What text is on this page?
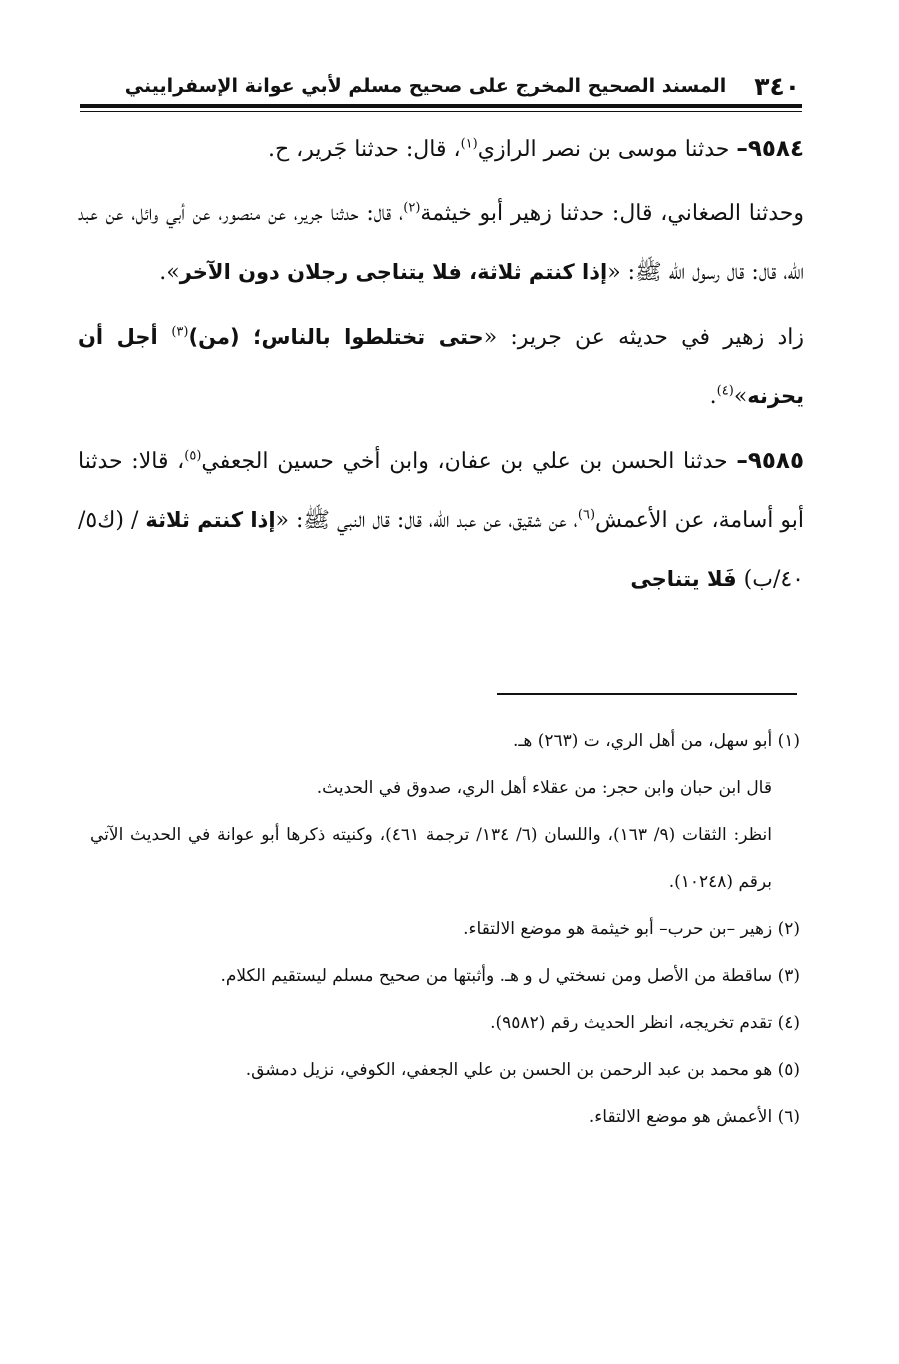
٣٤٠
المسند الصحيح المخرج على صحيح مسلم لأبي عوانة الإسفراييني

٩٥٨٤– حدثنا موسى بن نصر الرازي$^{(١)}$، قال: حدثنا جَرير، ح.

وحدثنا الصغاني، قال: حدثنا زهير أبو خيثمة$^{(٢)}$، قال: حدثنا جرير، عن منصور، عن أبي وائل، عن عبد الله، قال: قال رسول الله ﷺ: «إذا كنتم ثلاثة، فلا يتناجى رجلان دون الآخر».

زاد زهير في حديثه عن جرير: «حتى تختلطوا بالناس؛ (من)$^{(٣)}$ أجل أن يحزنه»$^{(٤)}$.

٩٥٨٥– حدثنا الحسن بن علي بن عفان، وابن أخي حسين الجعفي$^{(٥)}$، قالا: حدثنا أبو أسامة، عن الأعمش$^{(٦)}$، عن شقيق، عن عبد الله، قال: قال النبي ﷺ: «إذا كنتم ثلاثة / (ك٥/ ٤٠/ب) فَلا يتناجى

(١) أبو سهل، من أهل الري، ت (٢٦٣) هـ.

قال ابن حبان وابن حجر: من عقلاء أهل الري، صدوق في الحديث.

انظر: الثقات (٩/ ١٦٣)، واللسان (٦/ ١٣٤/ ترجمة ٤٦١)، وكنيته ذكرها أبو عوانة في الحديث الآتي برقم (١٠٢٤٨).

(٢) زهير –بن حرب– أبو خيثمة هو موضع الالتقاء.

(٣) ساقطة من الأصل ومن نسختي ل و هـ. وأثبتها من صحيح مسلم ليستقيم الكلام.

(٤) تقدم تخريجه، انظر الحديث رقم (٩٥٨٢).

(٥) هو محمد بن عبد الرحمن بن الحسن بن علي الجعفي، الكوفي، نزيل دمشق.

(٦) الأعمش هو موضع الالتقاء.
